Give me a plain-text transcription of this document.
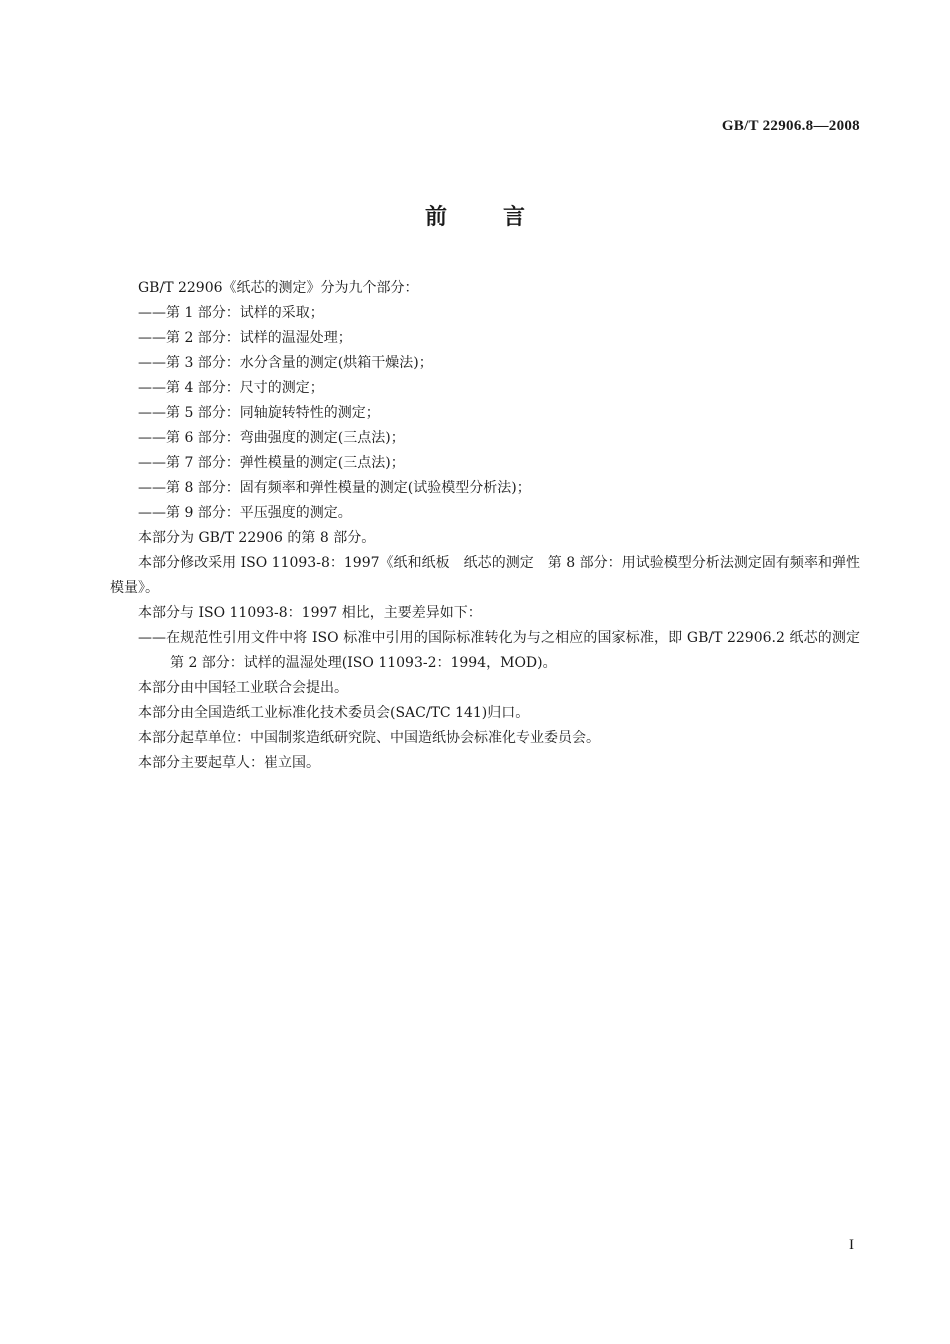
GB/T 22906.8—2008
前言

GB/T 22906《纸芯的测定》分为九个部分：

——第 1 部分：试样的采取；

——第 2 部分：试样的温湿处理；

——第 3 部分：水分含量的测定(烘箱干燥法)；

——第 4 部分：尺寸的测定；

——第 5 部分：同轴旋转特性的测定；

——第 6 部分：弯曲强度的测定(三点法)；

——第 7 部分：弹性模量的测定(三点法)；

——第 8 部分：固有频率和弹性模量的测定(试验模型分析法)；

——第 9 部分：平压强度的测定。

本部分为 GB/T 22906 的第 8 部分。

本部分修改采用 ISO 11093-8：1997《纸和纸板　纸芯的测定　第 8 部分：用试验模型分析法测定固有频率和弹性模量》。

本部分与 ISO 11093-8：1997 相比，主要差异如下：

——在规范性引用文件中将 ISO 标准中引用的国际标准转化为与之相应的国家标准，即 GB/T 22906.2 纸芯的测定　第 2 部分：试样的温湿处理(ISO 11093-2：1994，MOD)。

本部分由中国轻工业联合会提出。

本部分由全国造纸工业标准化技术委员会(SAC/TC 141)归口。

本部分起草单位：中国制浆造纸研究院、中国造纸协会标准化专业委员会。

本部分主要起草人：崔立国。

I
